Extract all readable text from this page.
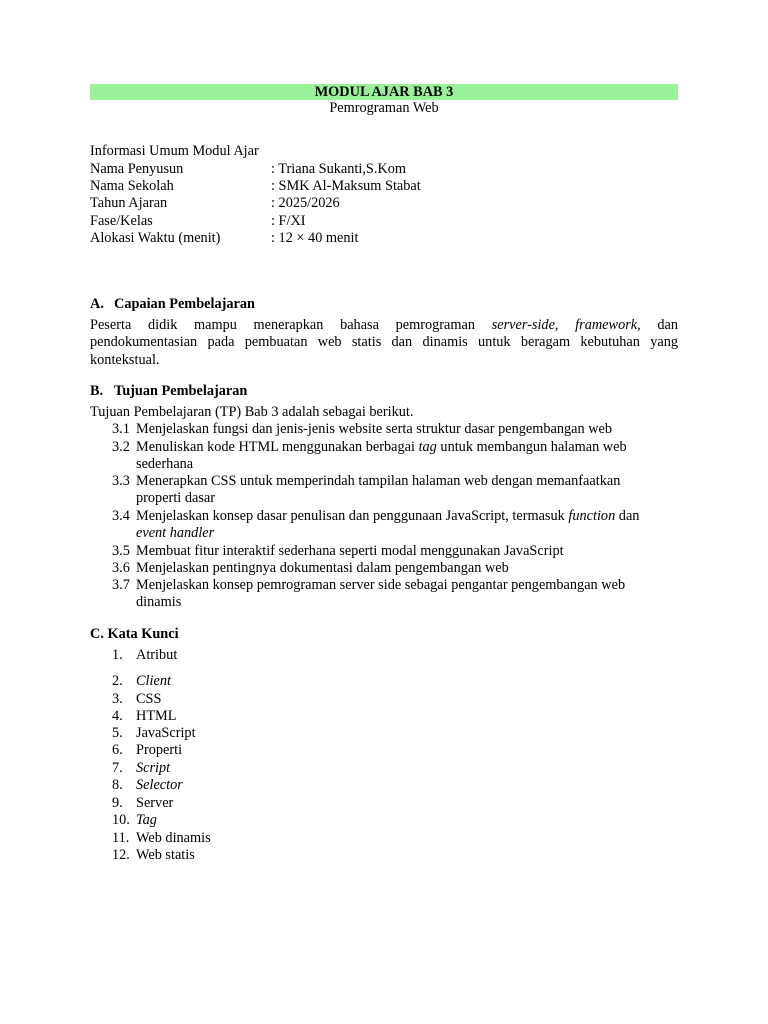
MODUL AJAR BAB 3
Pemrograman Web
Informasi Umum Modul Ajar
Nama Penyusun	: Triana Sukanti,S.Kom
Nama Sekolah	: SMK Al-Maksum Stabat
Tahun Ajaran	: 2025/2026
Fase/Kelas	: F/XI
Alokasi Waktu (menit)	: 12 × 40 menit
A. Capaian Pembelajaran
Peserta didik mampu menerapkan bahasa pemrograman server-side, framework, dan
pendokumentasian pada pembuatan web statis dan dinamis untuk beragam kebutuhan yang
kontekstual.
B. Tujuan Pembelajaran
Tujuan Pembelajaran (TP) Bab 3 adalah sebagai berikut.
3.1 Menjelaskan fungsi dan jenis-jenis website serta struktur dasar pengembangan web
3.2 Menuliskan kode HTML menggunakan berbagai tag untuk membangun halaman web
sederhana
3.3 Menerapkan CSS untuk memperindah tampilan halaman web dengan memanfaatkan
properti dasar
3.4 Menjelaskan konsep dasar penulisan dan penggunaan JavaScript, termasuk function dan
event handler
3.5 Membuat fitur interaktif sederhana seperti modal menggunakan JavaScript
3.6 Menjelaskan pentingnya dokumentasi dalam pengembangan web
3.7 Menjelaskan konsep pemrograman server side sebagai pengantar pengembangan web
dinamis
C. Kata Kunci
1. Atribut
2. Client
3. CSS
4. HTML
5. JavaScript
6. Properti
7. Script
8. Selector
9. Server
10. Tag
11. Web dinamis
12. Web statis
